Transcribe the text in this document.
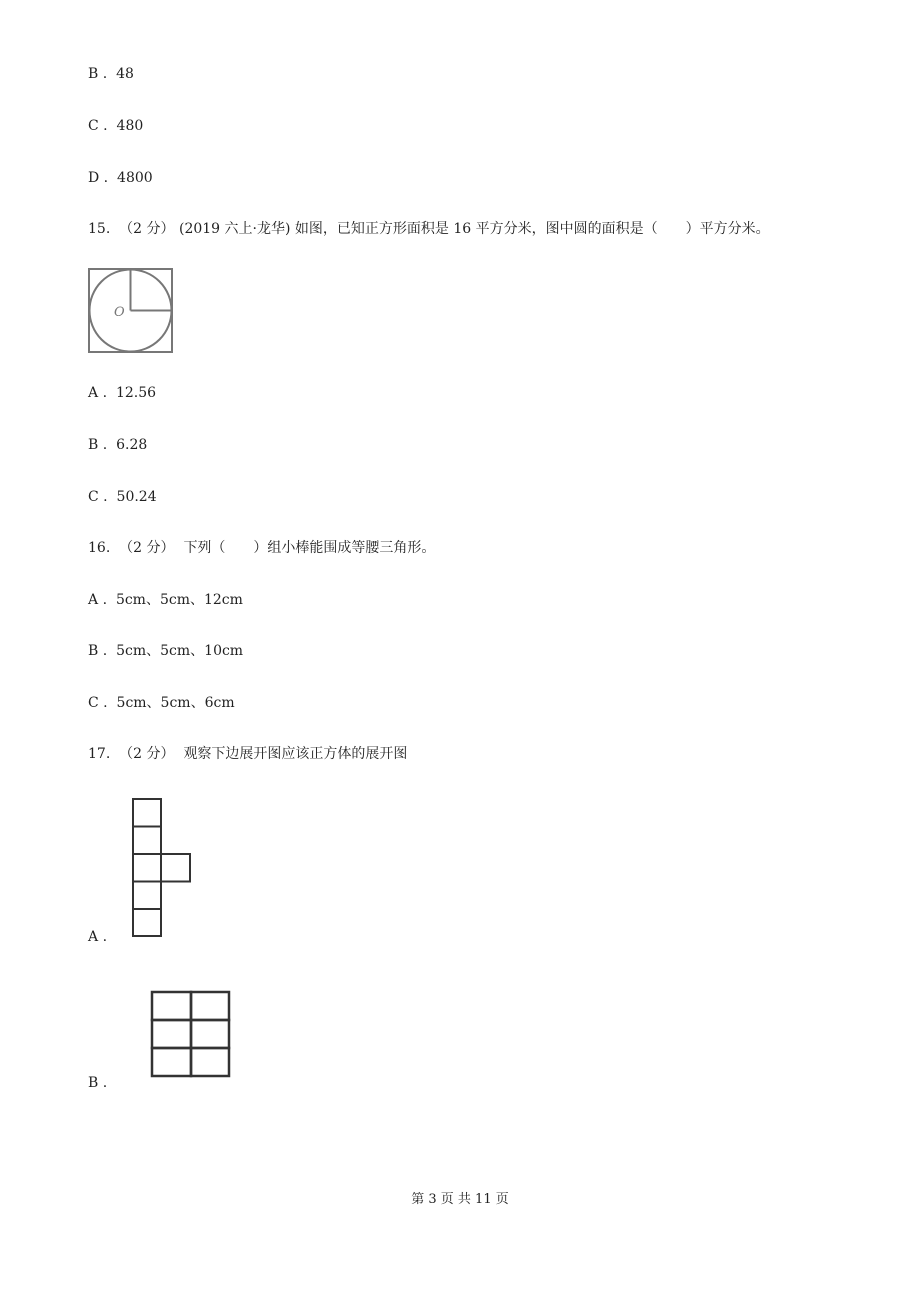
B .  48
C .  480
D .  4800
15. （2 分） (2019 六上·龙华) 如图，已知正方形面积是 16 平方分米，图中圆的面积是（　　）平方分米。
O
A .  12.56
B .  6.28
C .  50.24
16. （2 分） 下列（　　）组小棒能围成等腰三角形。
A .  5cm、5cm、12cm
B .  5cm、5cm、10cm
C .  5cm、5cm、6cm
17. （2 分） 观察下边展开图应该正方体的展开图
A .
B .
第 3 页 共 11 页
